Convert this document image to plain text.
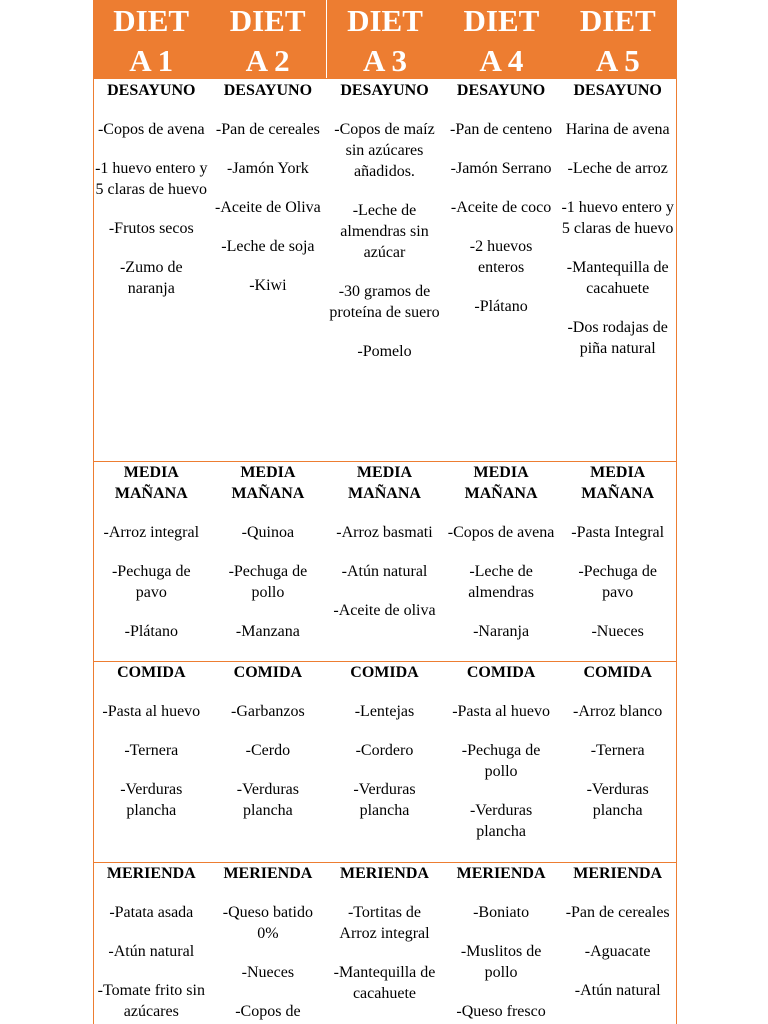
DIET
A 1
DIET
A 2
DIET
A 3
DIET
A 4
DIET
A 5
DESAYUNO
-Copos de avena
-1 huevo entero y 5 claras de huevo
-Frutos secos
-Zumo de naranja
DESAYUNO
-Pan de cereales
-Jamón York
-Aceite de Oliva
-Leche de soja
-Kiwi
DESAYUNO
-Copos de maíz sin azúcares añadidos.
-Leche de almendras sin azúcar
-30 gramos de proteína de suero
-Pomelo
DESAYUNO
-Pan de centeno
-Jamón Serrano
-Aceite de coco
-2 huevos enteros
-Plátano
DESAYUNO
Harina de avena
-Leche de arroz
-1 huevo entero y 5 claras de huevo
-Mantequilla de cacahuete
-Dos rodajas de piña natural
MEDIA MAÑANA
-Arroz integral
-Pechuga de pavo
-Plátano
MEDIA MAÑANA
-Quinoa
-Pechuga de pollo
-Manzana
MEDIA MAÑANA
-Arroz basmati
-Atún natural
-Aceite de oliva
MEDIA MAÑANA
-Copos de avena
-Leche de almendras
-Naranja
MEDIA MAÑANA
-Pasta Integral
-Pechuga de pavo
-Nueces
COMIDA
-Pasta al huevo
-Ternera
-Verduras plancha
COMIDA
-Garbanzos
-Cerdo
-Verduras plancha
COMIDA
-Lentejas
-Cordero
-Verduras plancha
COMIDA
-Pasta al huevo
-Pechuga de pollo
-Verduras plancha
COMIDA
-Arroz blanco
-Ternera
-Verduras plancha
MERIENDA
-Patata asada
-Atún natural
-Tomate frito sin azúcares
MERIENDA
-Queso batido 0%
-Nueces
-Copos de
MERIENDA
-Tortitas de Arroz integral
-Mantequilla de cacahuete
MERIENDA
-Boniato
-Muslitos de pollo
-Queso fresco
MERIENDA
-Pan de cereales
-Aguacate
-Atún natural
